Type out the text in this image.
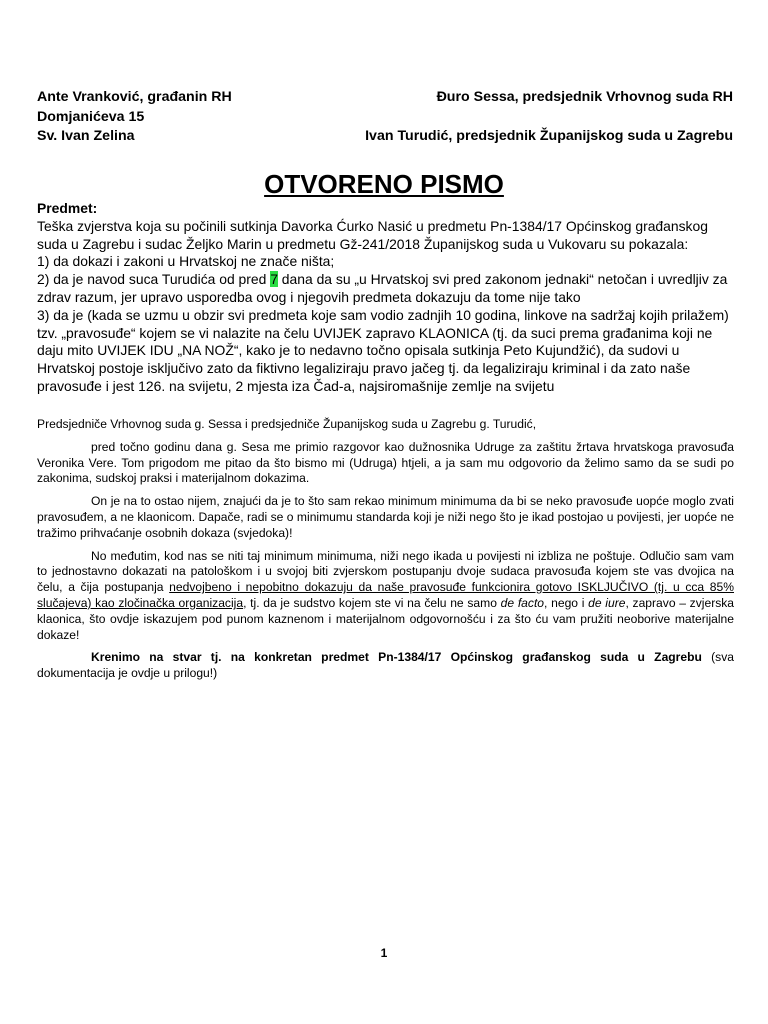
Ante Vranković, građanin RH	Đuro Sessa, predsjednik Vrhovnog suda RH
Domjanićeva 15
Sv. Ivan Zelina	Ivan Turudić, predsjednik Županijskog suda u Zagrebu
OTVORENO PISMO

Predmet:

Teška zvjerstva koja su počinili sutkinja Davorka Ćurko Nasić u predmetu Pn-1384/17 Općinskog građanskog suda u Zagrebu i sudac Željko Marin u predmetu Gž-241/2018 Županijskog suda u Vukovaru su pokazala:

1) da dokazi i zakoni u Hrvatskoj ne znače ništa;

2) da je navod suca Turudića od pred 7 dana da su „u Hrvatskoj svi pred zakonom jednaki“ netočan i uvredljiv za zdrav razum, jer upravo usporedba ovog i njegovih predmeta dokazuju da tome nije tako

3) da je (kada se uzmu u obzir svi predmeta koje sam vodio zadnjih 10 godina, linkove na sadržaj kojih prilažem) tzv. „pravosuđe“ kojem se vi nalazite na čelu UVIJEK zapravo KLAONICA (tj. da suci prema građanima koji ne daju mito UVIJEK IDU „NA NOŽ“, kako je to nedavno točno opisala sutkinja Peto Kujundžić), da sudovi u Hrvatskoj postoje isključivo zato da fiktivno legaliziraju pravo jačeg tj. da legaliziraju kriminal i da zato naše pravosuđe i jest 126. na svijetu, 2 mjesta iza Čad-a, najsiromašnije zemlje na svijetu

Predsjedniče Vrhovnog suda g. Sessa i predsjedniče Županijskog suda u Zagrebu g. Turudić,

pred točno godinu dana g. Sesa me primio razgovor kao dužnosnika Udruge za zaštitu žrtava hrvatskoga pravosuđa Veronika Vere. Tom prigodom me pitao da što bismo mi (Udruga) htjeli, a ja sam mu odgovorio da želimo samo da se sudi po zakonima, sudskoj praksi i materijalnom dokazima.

On je na to ostao nijem, znajući da je to što sam rekao minimum minimuma da bi se neko pravosuđe uopće moglo zvati pravosuđem, a ne klaonicom. Dapače, radi se o minimumu standarda koji je niži nego što je ikad postojao u povijesti, jer uopće ne tražimo prihvaćanje osobnih dokaza (svjedoka)!

No međutim, kod nas se niti taj minimum minimuma, niži nego ikada u povijesti ni izbliza ne poštuje. Odlučio sam vam to jednostavno dokazati na patološkom i u svojoj biti zvjerskom postupanju dvoje sudaca pravosuđa kojem ste vas dvojica na čelu, a čija postupanja nedvojbeno i nepobitno dokazuju da naše pravosuđe funkcionira gotovo ISKLJUČIVO (tj. u cca 85% slučajeva) kao zločinačka organizacija, tj. da je sudstvo kojem ste vi na čelu ne samo de facto, nego i de iure, zapravo – zvjerska klaonica, što ovdje iskazujem pod punom kaznenom i materijalnom odgovornošću i za što ću vam pružiti neoborive materijalne dokaze!

Krenimo na stvar tj. na konkretan predmet Pn-1384/17 Općinskog građanskog suda u Zagrebu (sva dokumentacija je ovdje u prilogu!)

1
